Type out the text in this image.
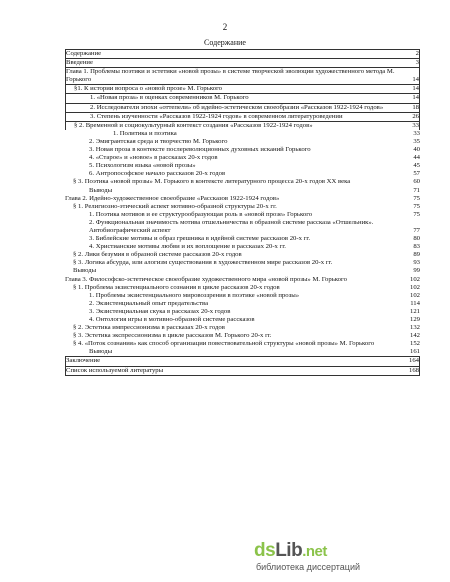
2
Содержание
Содержание	2
Введение	3
Глава 1. Проблемы поэтики и эстетики «новой прозы» в системе творческой эволюции художественного метода М. Горького	14
§1. К истории вопроса о «новой прозе» М. Горького	14
1. «Новая проза» в оценках современников М. Горького	14
2. Исследователи эпохи «оттепели» об идейно-эстетическом своеобразии «Рассказов 1922-1924 годов»	18
3. Степень изученности «Рассказов 1922-1924 годов» в современном литературоведении	26
§ 2. Временной и социокультурный контекст создания «Рассказов 1922-1924 годов»	33
1. Политика и поэтика	33
2. Эмигрантская среда и творчество М. Горького	35
3. Новая проза в контексте послереволюционных духовных исканий Горького	40
4. «Старое» и «новое» в рассказах 20-х годов	44
5. Психологизм языка «новой прозы»	45
6. Антропософское начало рассказов 20-х годов	57
§ 3. Поэтика «новой прозы» М. Горького в контексте литературного процесса 20-х годов XX века	60
Выводы	71
Глава 2. Идейно-художественное своеобразие «Рассказов 1922-1924 годов»	75
§ 1. Религиозно-этический аспект мотивно-образной структуры 20-х гг.	75
1. Поэтика мотивов и ее структурообразующая роль в «новой прозе» Горького	75
2. Функциональная значимость мотива отшельничества в образной системе рассказа «Отшельник». Автобиографический аспект	77
3. Библейские мотивы и образ грешника в идейной системе рассказов 20-х гг.	80
4. Христианские мотивы любви и их воплощение в рассказах 20-х гг.	83
§ 2. Лики безумия в образной системе рассказов 20-х годов	89
§ 3. Логика абсурда, или алогизм существования в художественном мире рассказов 20-х гг.	93
Выводы	99
Глава 3. Философско-эстетическое своеобразие художественного мира «новой прозы» М. Горького	102
§ 1. Проблема экзистенциального сознания в цикле рассказов 20-х годов	102
1. Проблемы экзистенциального мировоззрения в поэтике «новой прозы»	102
2. Экзистенциальный опыт предательства	114
3. Экзистенциальная скука в рассказах 20-х годов	121
4. Онтология игры в мотивно-образной системе рассказов	129
§ 2. Эстетика импрессионизма в рассказах 20-х годов	132
§ 3. Эстетика экспрессионизма в цикле рассказов М. Горького 20-х гг.	142
§ 4. «Поток сознания» как способ организации повествовательной структуры «новой прозы» М. Горького	152
Выводы	161
Заключение	164
Список используемой литературы	168
dsLib.net
библиотека диссертаций
